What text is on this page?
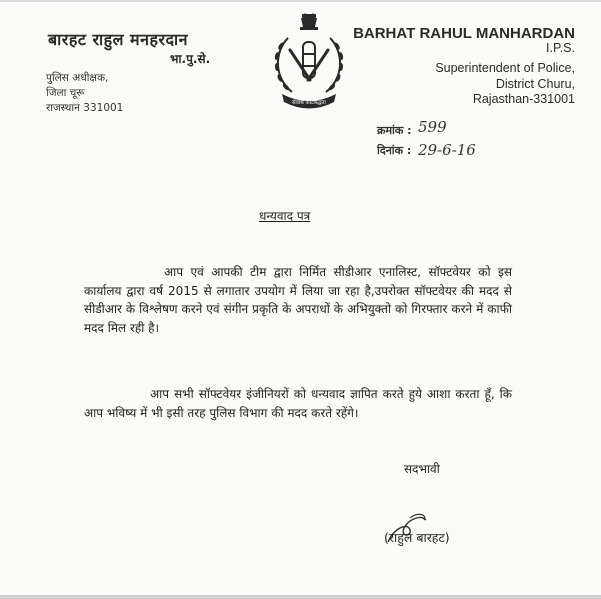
बारहट राहुल मनहरदान
भा.पु.से.
पुलिस अधीक्षक,
जिला चूरू
राजस्थान 331001	सेवार्थ कटिबद्धता
BARHAT RAHUL MANHARDAN
I.P.S.
Superintendent of Police,
District Churu,
Rajasthan-331001
क्रमांक : 599
दिनांक : 29-6-16
धन्यवाद पत्र
आप एवं आपकी टीम द्वारा निर्मित सीडीआर एनालिस्ट, सॉफ्टवेयर को इस कार्यालय द्वारा वर्ष 2015 से लगातार उपयोग में लिया जा रहा है,उपरोक्त सॉफ्टवेयर की मदद से सीडीआर के विश्लेषण करने एवं संगीन प्रकृति के अपराधों के अभियुक्तो को गिरफ्तार करने में काफी मदद मिल रही है।
आप सभी सॉफ्टवेयर इंजीनियरों को धन्यवाद ज्ञापित करते हुये आशा करता हूँ, कि आप भविष्य में भी इसी तरह पुलिस विभाग की मदद करते रहेंगे।
सदभावी
(राहुल बारहट)
